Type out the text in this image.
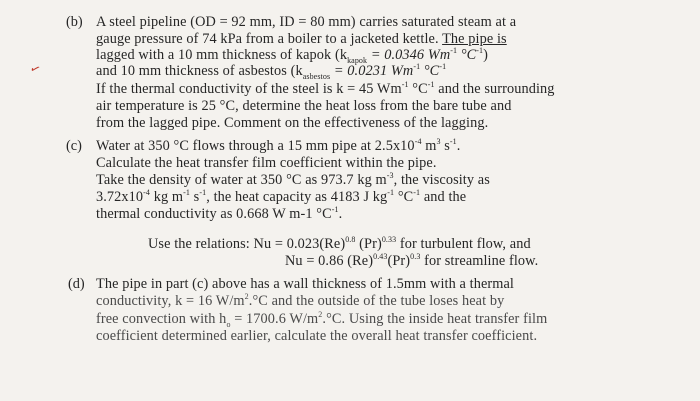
✓
(b) A steel pipeline (OD = 92 mm, ID = 80 mm) carries saturated steam at a
gauge pressure of 74 kPa from a boiler to a jacketed kettle. The pipe is
lagged with a 10 mm thickness of kapok ($k_{kapok} = 0.0346$ $Wm^{-1}$ $^\circ C^{-1}$)
and 10 mm thickness of asbestos ($k_{asbestos} = 0.0231$ $Wm^{-1}$ $^\circ C^{-1}$
If the thermal conductivity of the steel is k = 45 $Wm^{-1}$ $^\circ C^{-1}$ and the surrounding
air temperature is 25 °C, determine the heat loss from the bare tube and
from the lagged pipe. Comment on the effectiveness of the lagging.
(c) Water at 350 °C flows through a 15 mm pipe at $2.5x10^{-4}$ $m^3$ $s^{-1}$.
Calculate the heat transfer film coefficient within the pipe.
Take the density of water at 350 °C as 973.7 kg $m^{-3}$, the viscosity as
$3.72x10^{-4}$ kg $m^{-1}$ $s^{-1}$, the heat capacity as 4183 J $kg^{-1}$ $^\circ C^{-1}$ and the
thermal conductivity as 0.668 W m-1 $^\circ C^{-1}$.
Use the relations: $Nu = 0.023(Re)^{0.8}$ $(Pr)^{0.33}$ for turbulent flow, and
Nu = 0.86 $(Re)^{0.43}(Pr)^{0.3}$ for streamline flow.
(d) The pipe in part (c) above has a wall thickness of 1.5mm with a thermal
conductivity, k = 16 $W/m^2.^\circ C$ and the outside of the tube loses heat by
free convection with $h_o = 1700.6$ $W/m^2.^\circ C$. Using the inside heat transfer film
coefficient determined earlier, calculate the overall heat transfer coefficient.
